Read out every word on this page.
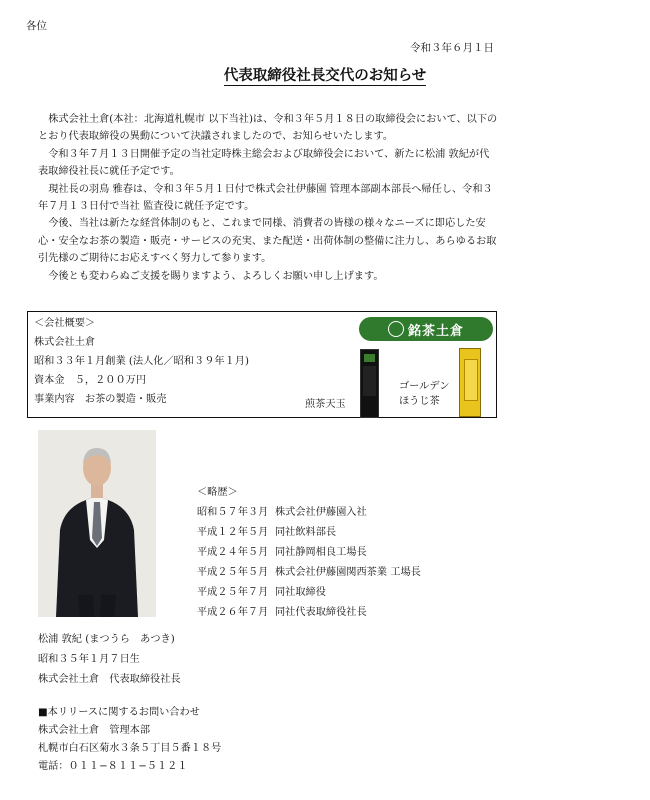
各位
令和３年６月１日
代表取締役社長交代のお知らせ

株式会社土倉(本社：北海道札幌市 以下当社)は、令和３年５月１８日の取締役会において、以下のとおり代表取締役の異動について決議されましたので、お知らせいたします。

令和３年７月１３日開催予定の当社定時株主総会および取締役会において、新たに松浦 敦紀が代表取締役社長に就任予定です。

現社長の羽鳥 雅春は、令和３年５月１日付で株式会社伊藤園 管理本部副本部長へ帰任し、令和３年７月１３日付で当社 監査役に就任予定です。

今後、当社は新たな経営体制のもと、これまで同様、消費者の皆様の様々なニーズに即応した安心・安全なお茶の製造・販売・サービスの充実、また配送・出荷体制の整備に注力し、あらゆるお取引先様のご期待にお応えすべく努力して参ります。

今後とも変わらぬご支援を賜りますよう、よろしくお願い申し上げます。

＜会社概要＞
株式会社土倉
昭和３３年１月創業 (法人化／昭和３９年１月)
資本金　５，２００万円
事業内容　お茶の製造・販売
銘茶土倉
煎茶天玉
ゴールデン
ほうじ茶
＜略歴＞
昭和５７年３月 株式会社伊藤園入社
平成１２年５月 同社飲料部長
平成２４年５月 同社静岡相良工場長
平成２５年５月 株式会社伊藤園関西茶業 工場長
平成２５年７月 同社取締役
平成２６年７月 同社代表取締役社長
松浦 敦紀 (まつうら　あつき)
昭和３５年１月７日生
株式会社土倉　代表取締役社長
■本リリースに関するお問い合わせ
株式会社土倉　管理本部
札幌市白石区菊水３条５丁目５番１８号
電話：０１１−８１１−５１２１
